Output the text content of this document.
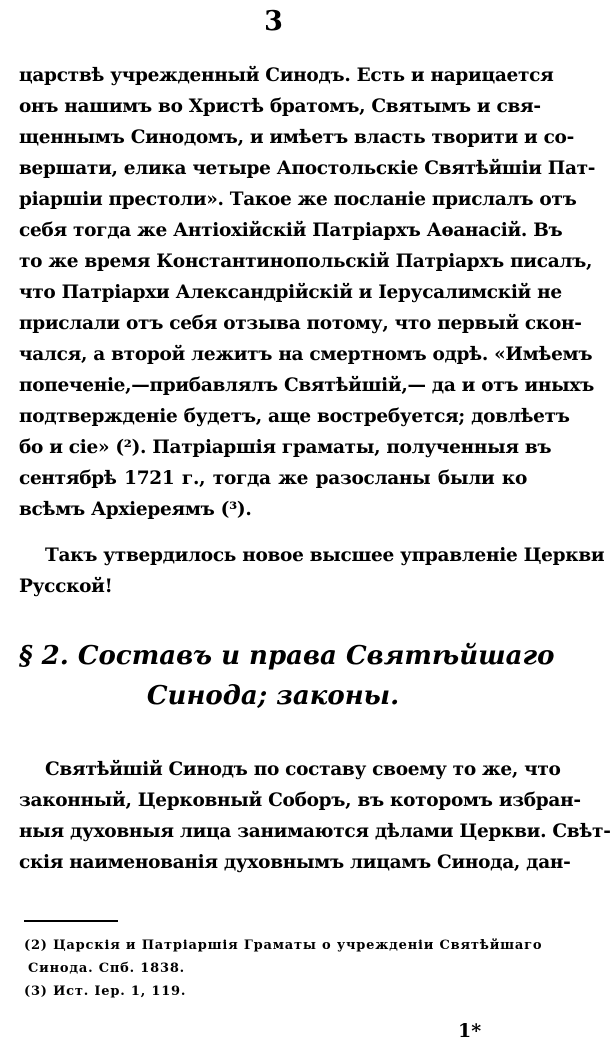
3
царствѣ учрежденный Синодъ. Есть и нарицается
онъ нашимъ во Христѣ братомъ, Святымъ и свя-
щеннымъ Синодомъ, и имѣетъ власть творити и со-
вершати, елика четыре Апостольскіе Святѣйшіи Пат-
ріаршіи престоли». Такое же посланіе прислалъ отъ
себя тогда же Антіохійскій Патріархъ Аѳанасій. Въ
то же время Константинопольскій Патріархъ писалъ,
что Патріархи Александрійскій и Іерусалимскій не
прислали отъ себя отзыва потому, что первый скон-
чался, а второй лежитъ на смертномъ одрѣ. «Имѣемъ
попеченіе,—прибавлялъ Святѣйшій,— да и отъ иныхъ
подтвержденіе будетъ, аще востребуется; довлѣетъ
бо и сіе» (²). Патріаршія граматы, полученныя въ
сентябрѣ 1721 г., тогда же разосланы были ко
всѣмъ Архіереямъ (³).
Такъ утвердилось новое высшее управленіе Церкви
Русской!
§ 2. Составъ и права Святѣйшаго
Синода; законы.
Святѣйшій Синодъ по составу своему то же, что
законный, Церковный Соборъ, въ которомъ избран-
ныя духовныя лица занимаются дѣлами Церкви. Свѣт-
скія наименованія духовнымъ лицамъ Синода, дан-
(2) Царскія и Патріаршія Граматы о учрежденіи Святѣйшаго
Синода. Спб. 1838.
(3) Ист. Іер. 1, 119.
1*
